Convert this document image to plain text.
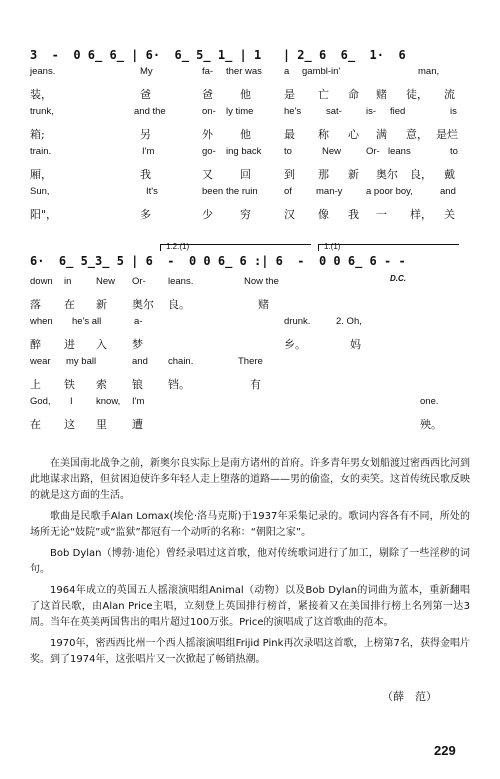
3  -  0 6̲ 6̲ | 6·  6̲ 5̲ 1̲ | 1   | 2̲ 6  6̲  1·  6
jeans.	My	fa- ther was a gambl-in'	man,
装，	爸	爸 他	是 亡 命 赌 徒， 流
trunk,	and the	on- ly time	he's	sat-	is- fied	is
箱;	另	外 他	最 称 心 满 意， 是烂
train.	I'm	go- ing back to	New	Or- leans	to
厢，	我	又 回	到 那 新 奥尔 良， 戴
Sun,	It's	been the ruin	of	man-y a poor boy,	and
阳"，	多	少 穷	汉 像 我 一 样， 关
1.2.(1)	1.(1)
6·  6̲ 5̲3̲ 5 | 6  -  0 0 6̲ 6 :| 6  -  0 0 6̲ 6 - -
D.C.
down in	New Or- leans.	Now the
落 在 新 奥尔 良。	赌
when he's all	a-	drunk.	2. Oh,
醉 进 入 梦	乡。	妈
wear my ball	and chain.	There
上 铁 索 锒 铛。	有
God, I know, I'm	one.
在 这 里 遭	殃。

在美国南北战争之前，新奥尔良实际上是南方诸州的首府。许多青年男女划船渡过密西西比河到此地谋求出路，但贫困迫使许多年轻人走上堕落的道路——男的偷盗，女的卖笑。这首传统民歌反映的就是这方面的生活。

歌曲是民歌手Alan Lomax(埃伦·洛马克斯)于1937年采集记录的。歌词内容各有不同，所处的场所无论“妓院”或“监狱”都冠有一个动听的名称：“朝阳之家”。

Bob Dylan（博勃·迪伦）曾经录唱过这首歌，他对传统歌词进行了加工，剔除了一些淫秽的词句。

1964年成立的英国五人摇滚演唱组Animal（动物）以及Bob Dylan的词曲为蓝本，重新翻唱了这首民歌，由Alan Price主唱，立刻登上英国排行榜首，紧接着又在美国排行榜上名列第一达3周。当年在英美两国售出的唱片超过100万张。Price的演唱成了这首歌曲的范本。

1970年，密西西比州一个西人摇滚演唱组Frijid Pink再次录唱这首歌，上榜第7名，获得金唱片奖。到了1974年，这张唱片又一次掀起了畅销热潮。

（薛　范）
229
